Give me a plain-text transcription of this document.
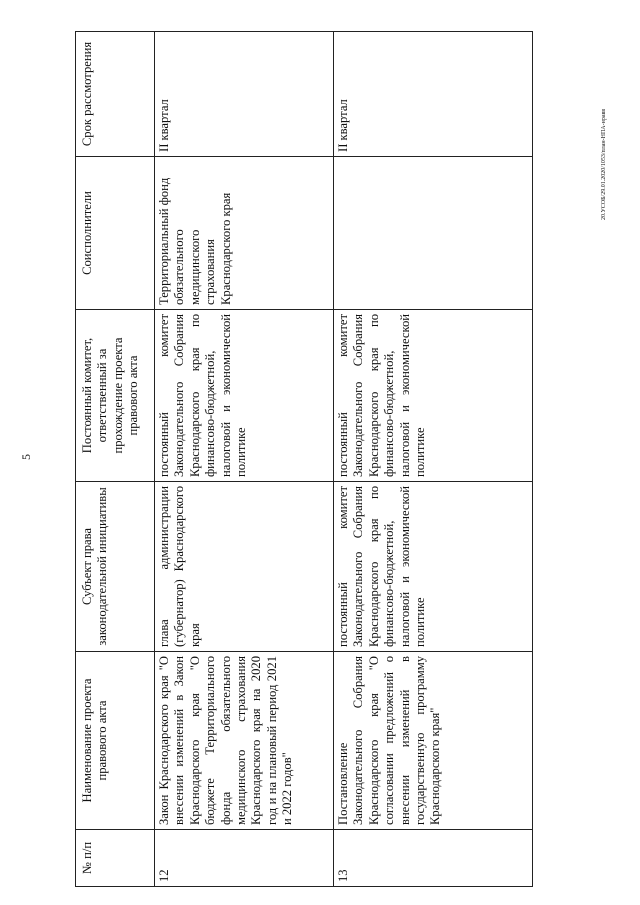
5
20.УСОБ/29.01.2020/1053/план-НПА-нравв
№ п/п	Наименование проекта правового акта	Субъект права законодательной инициативы	Постоянный комитет, ответственный за прохождение проекта правового акта	Соисполнители	Срок рассмотрения
12	Закон Краснодарского края "О внесении изменений в Закон Краснодарского края "О бюджете Территориального фонда обязательного медицинского страхования Краснодарского края на 2020 год и на плановый период 2021 и 2022 годов"	глава администрации (губернатор) Краснодарского края	постоянный комитет Законодательного Собрания Краснодарского края по финансово-бюджетной, налоговой и экономической политике	Территориальный фонд обязательного медицинского страхования Краснодарского края	II квартал
13	Постановление Законодательного Собрания Краснодарского края "О согласовании предложений о внесении изменений в государственную программу Краснодарского края"	постоянный комитет Законодательного Собрания Краснодарского края по финансово-бюджетной, налоговой и экономической политике	постоянный комитет Законодательного Собрания Краснодарского края по финансово-бюджетной, налоговой и экономической политике		II квартал
